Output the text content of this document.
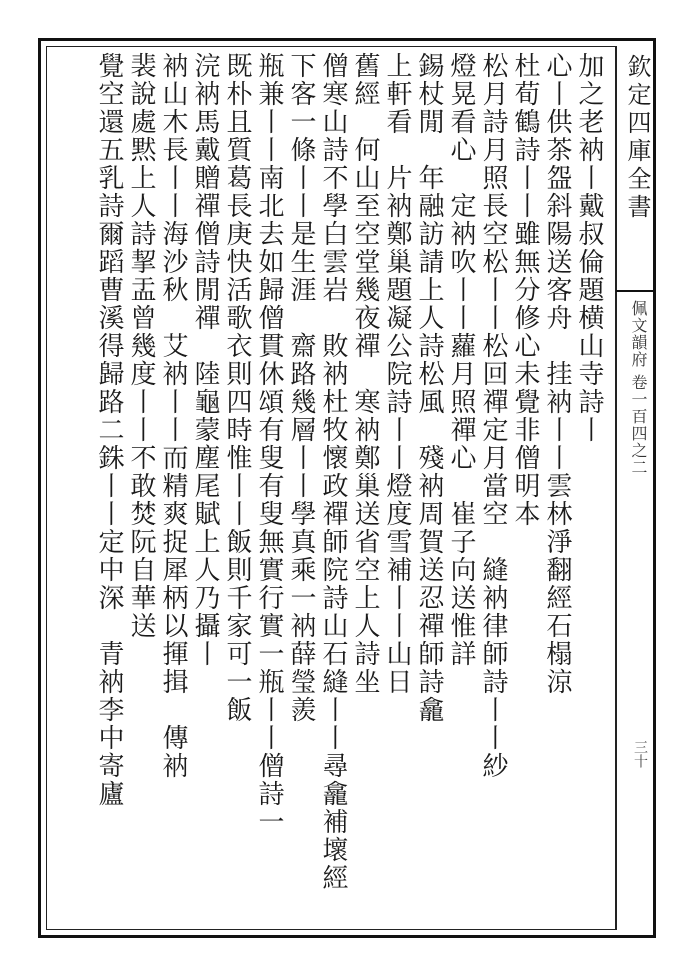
欽定四庫全書
佩文韻府 卷一百四之二
三十
加之老衲丨戴叔倫題横山寺詩丨
心丨供茶盌斜陽送客舟　挂衲丨丨雲林淨翻經石榻涼
杜荀鶴詩丨丨雖無分修心未覺非僧明本
松月詩月照長空松丨丨松回禪定月當空　縫衲律師詩丨丨紗
燈晃看心　定衲吹丨丨蘿月照禪心　崔子向送惟詳
錫杖閒　年融訪請上人詩松風　殘衲周賀送忍禪師詩龕
上軒看　片衲鄭巢題凝公院詩丨丨燈度雪補丨丨山日
舊經　何山至空堂幾夜禪　寒衲鄭巢送省空上人詩坐
僧寒山詩不學白雲岩　敗衲杜牧懷政禪師院詩山石縫丨丨尋龕補壞經
下客一條丨丨是生涯　齋路幾層丨丨學真乘一衲薛瑩羨
瓶兼丨丨南北去如歸僧貫休頌有叟有叟無實行實一瓶丨丨僧詩一
既朴且質葛長庚快活歌衣則四時惟丨丨飯則千家可一飯
浣衲馬戴贈禪僧詩閒禪　陸龜蒙塵尾賦上人乃攝丨
衲山木長丨丨海沙秋　艾衲丨丨而精爽捉犀柄以揮揖　傳衲
裴說處黙上人詩挈盂曾幾度丨丨不敢焚阮自華送
覺空還五乳詩爾蹈曹溪得歸路二銖丨丨定中深　青衲李中寄廬
